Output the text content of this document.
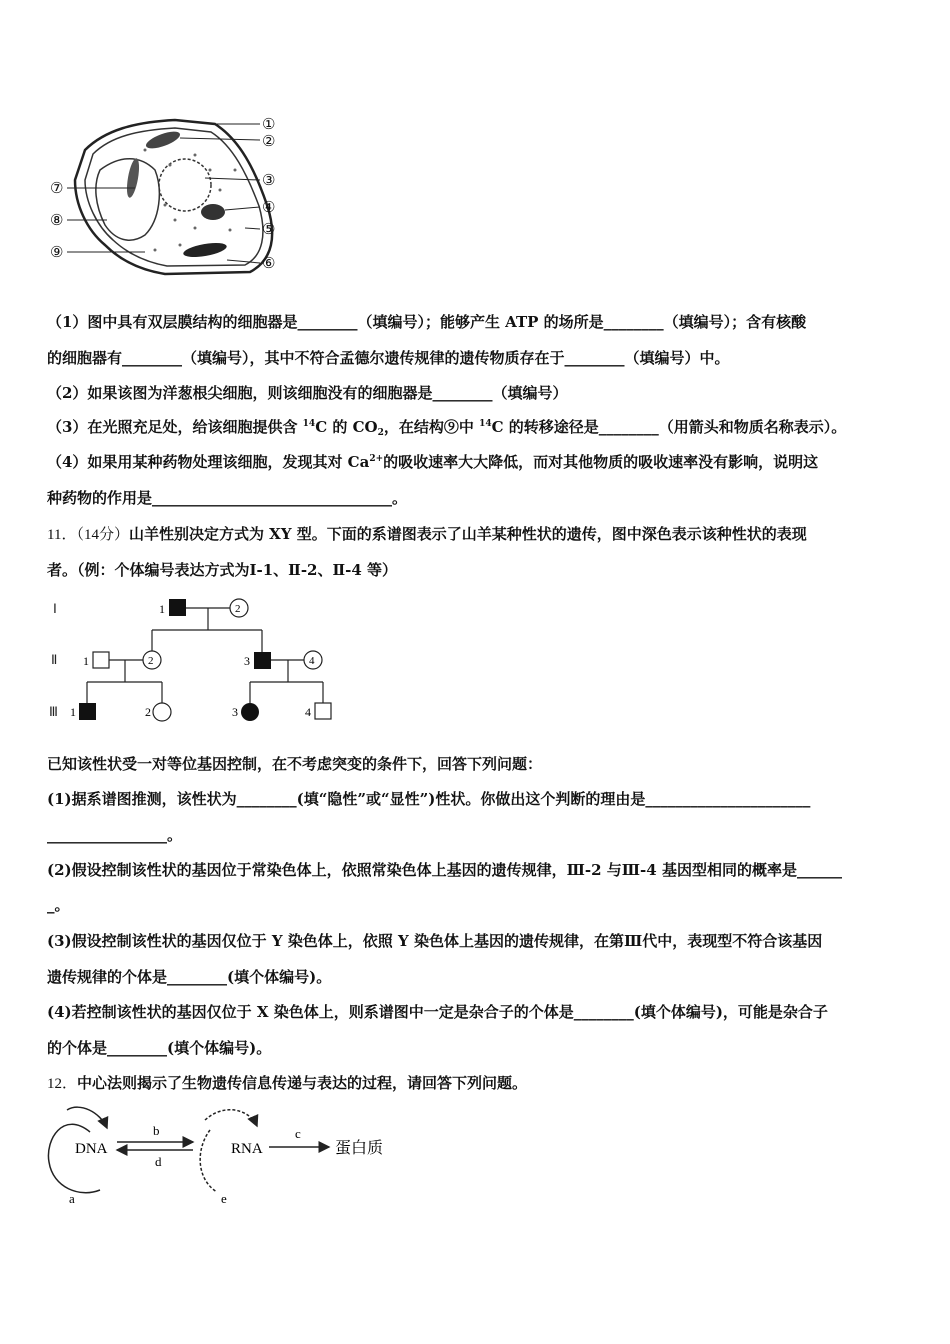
①
②
③
④
⑤
⑥
⑦
⑧
⑨
（1）图中具有双层膜结构的细胞器是________（填编号）；能够产生 ATP 的场所是________（填编号）；含有核酸
的细胞器有________（填编号），其中不符合孟德尔遗传规律的遗传物质存在于________（填编号）中。
（2）如果该图为洋葱根尖细胞，则该细胞没有的细胞器是________（填编号）
（3）在光照充足处，给该细胞提供含 $^{14}$C 的 $CO_2$，在结构⑨中 $^{14}$C 的转移途径是________（用箭头和物质名称表示）。
（4）如果用某种药物处理该细胞，发现其对 $Ca^{2+}$的吸收速率大大降低，而对其他物质的吸收速率没有影响，说明这
种药物的作用是________________________________。
11．（14分）山羊性别决定方式为 XY 型。下面的系谱图表示了山羊某种性状的遗传，图中深色表示该种性状的表现
者。（例：个体编号表达方式为Ⅰ-1、Ⅱ-2、Ⅱ-4 等）
Ⅰ
Ⅱ
Ⅲ
1	2
1	2	3	4
1	2	3	4
已知该性状受一对等位基因控制，在不考虑突变的条件下，回答下列问题：
(1)据系谱图推测，该性状为________(填“隐性”或“显性”)性状。你做出这个判断的理由是______________________
________________。
(2)假设控制该性状的基因位于常染色体上，依照常染色体上基因的遗传规律，Ⅲ-2 与Ⅲ-4 基因型相同的概率是______
_。
(3)假设控制该性状的基因仅位于 Y 染色体上，依照 Y 染色体上基因的遗传规律，在第Ⅲ代中，表现型不符合该基因
遗传规律的个体是________(填个体编号)。
(4)若控制该性状的基因仅位于 X 染色体上，则系谱图中一定是杂合子的个体是________(填个体编号)，可能是杂合子
的个体是________(填个体编号)。
12．中心法则揭示了生物遗传信息传递与表达的过程，请回答下列问题。
DNA
a
b
d
RNA
e
c
蛋白质
